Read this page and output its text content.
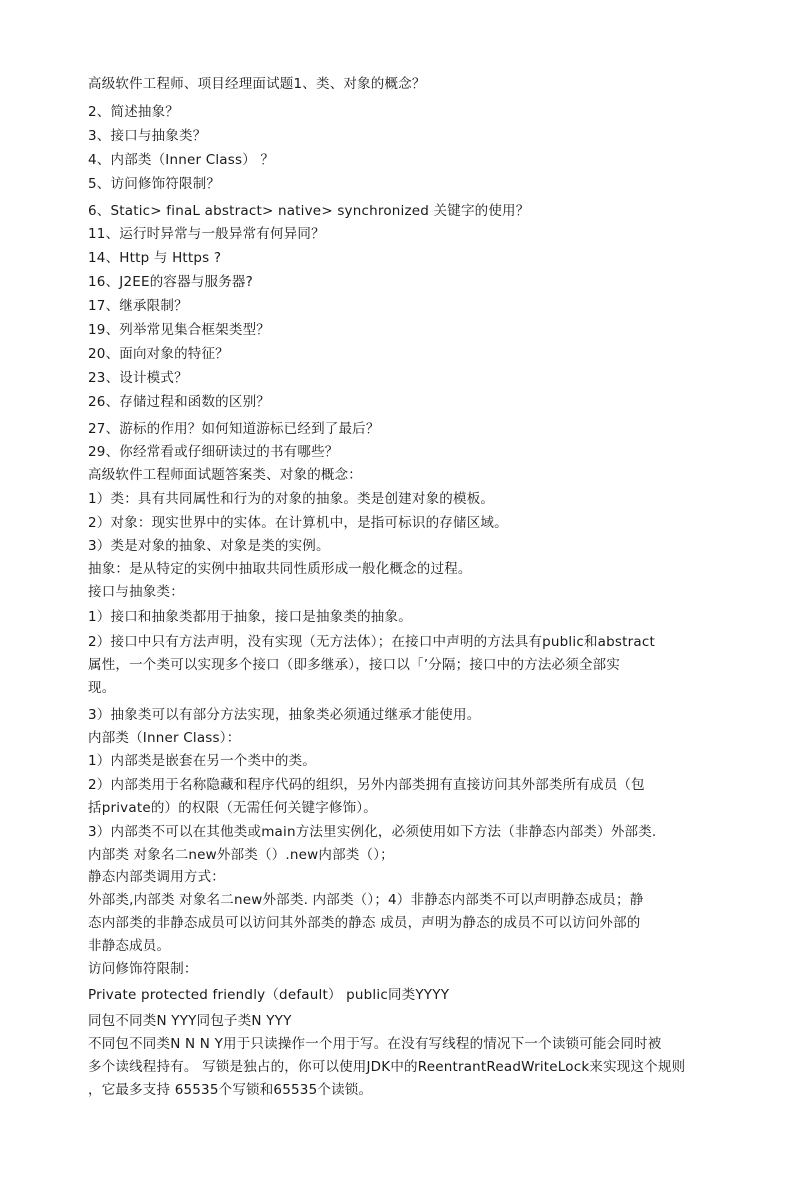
高级软件工程师、项目经理面试题1、类、对象的概念？
2、简述抽象？
3、接口与抽象类？
4、内部类（Inner Class） ？
5、访问修饰符限制？
6、Static> finaL abstract> native> synchronized 关键字的使用？
11、运行时异常与一般异常有何异同？
14、Http 与 Https ?
16、J2EE的容器与服务器?
17、继承限制？
19、列举常见集合框架类型？
20、面向对象的特征？
23、设计模式？
26、存储过程和函数的区别？
27、游标的作用？如何知道游标已经到了最后？
29、你经常看或仔细研读过的书有哪些？
高级软件工程师面试题答案类、对象的概念：
1）类：具有共同属性和行为的对象的抽象。类是创建对象的模板。
2）对象：现实世界中的实体。在计算机中，是指可标识的存储区域。
3）类是对象的抽象、对象是类的实例。
抽象：是从特定的实例中抽取共同性质形成一般化概念的过程。
接口与抽象类：
1）接口和抽象类都用于抽象，接口是抽象类的抽象。
2）接口中只有方法声明，没有实现（无方法体）；在接口中声明的方法具有public和abstract
属性，一个类可以实现多个接口（即多继承），接口以「’分隔；接口中的方法必须全部实
现。
3）抽象类可以有部分方法实现，抽象类必须通过继承才能使用。
内部类（Inner Class）：
1）内部类是嵌套在另一个类中的类。
2）内部类用于名称隐藏和程序代码的组织，另外内部类拥有直接访问其外部类所有成员（包
括private的）的权限（无需任何关键字修饰）。
3）内部类不可以在其他类或main方法里实例化，必须使用如下方法（非静态内部类）外部类.
内部类 对象名二new外部类（）.new内部类（）；
静态内部类调用方式：
外部类,内部类 对象名二new外部类. 内部类（）；4）非静态内部类不可以声明静态成员；静
态内部类的非静态成员可以访问其外部类的静态 成员，声明为静态的成员不可以访问外部的
非静态成员。
访问修饰符限制：
Private protected friendly（default） public同类YYYY
同包不同类N YYY同包子类N YYY
不同包不同类N N N Y用于只读操作一个用于写。在没有写线程的情况下一个读锁可能会同时被
多个读线程持有。 写锁是独占的，你可以使用JDK中的ReentrantReadWriteLock来实现这个规则
，它最多支持 65535个写锁和65535个读锁。
